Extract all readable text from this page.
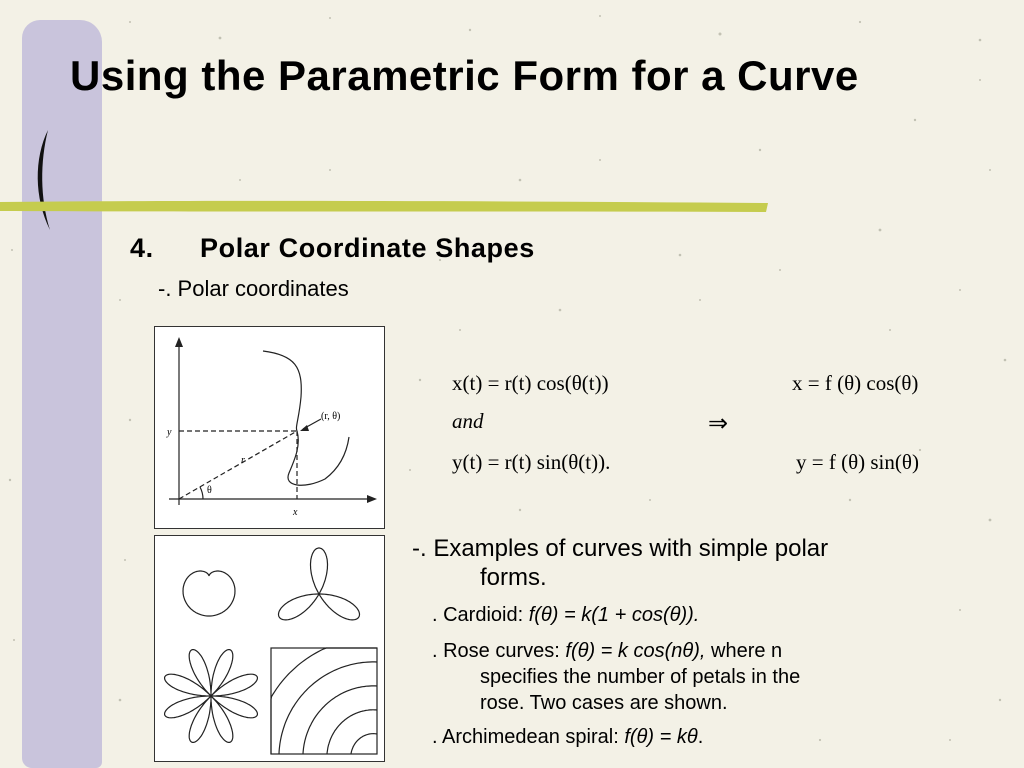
Using the Parametric Form for a Curve
4. Polar Coordinate Shapes
-. Polar coordinates
(r, θ)
y
x
r
θ
x(t) = r(t) cos(θ(t))
and
y(t) = r(t) sin(θ(t)).
⇒
x = f (θ) cos(θ)
y = f (θ) sin(θ)

-. Examples of curves with simple polar
forms.

. Cardioid: f(θ) = k(1 + cos(θ)).

. Rose curves: f(θ) = k cos(nθ), where n
specifies the number of petals in the
rose. Two cases are shown.

. Archimedean spiral: f(θ) = kθ.
